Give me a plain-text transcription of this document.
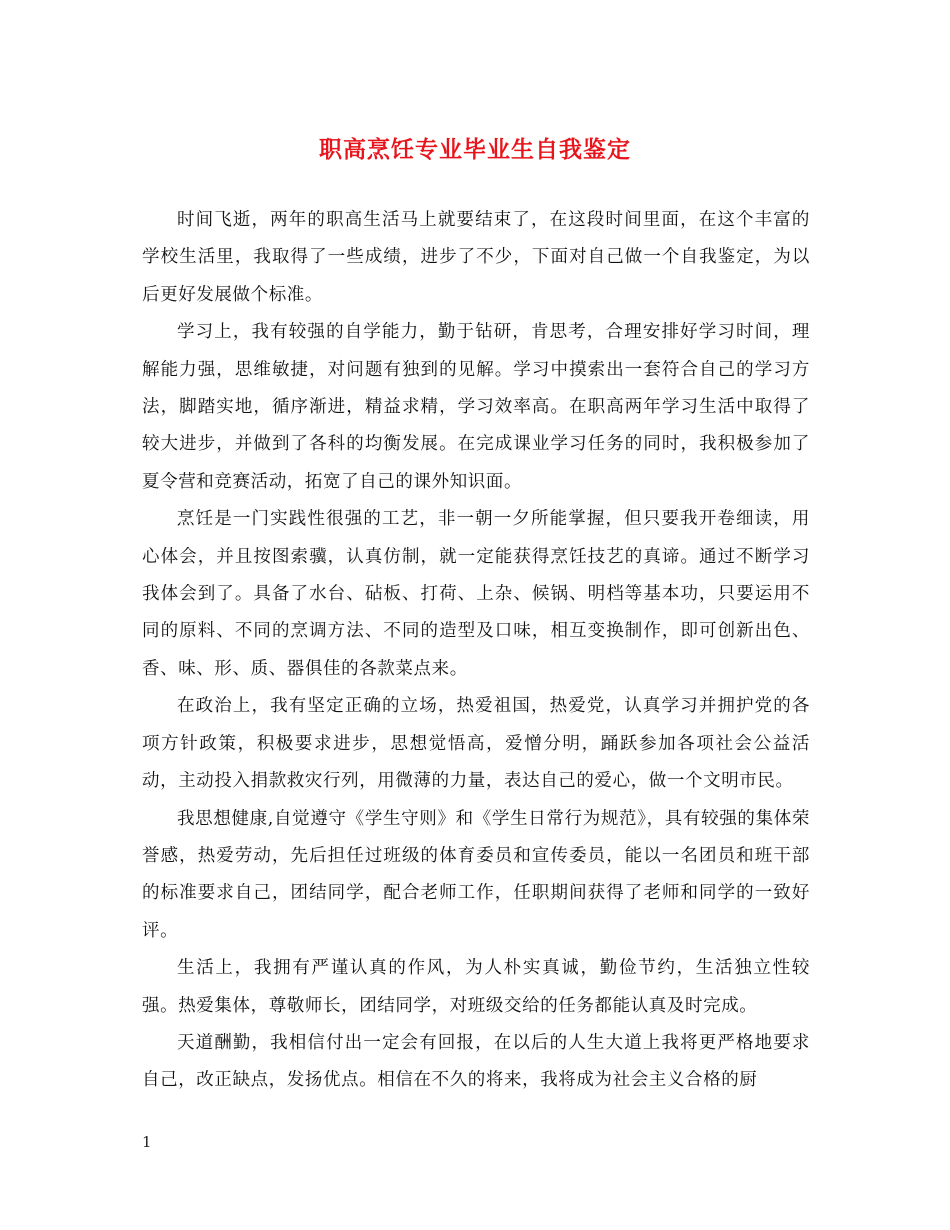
职高烹饪专业毕业生自我鉴定

时间飞逝，两年的职高生活马上就要结束了，在这段时间里面，在这个丰富的学校生活里，我取得了一些成绩，进步了不少，下面对自己做一个自我鉴定，为以后更好发展做个标准。

学习上，我有较强的自学能力，勤于钻研，肯思考，合理安排好学习时间，理解能力强，思维敏捷，对问题有独到的见解。学习中摸索出一套符合自己的学习方法，脚踏实地，循序渐进，精益求精，学习效率高。在职高两年学习生活中取得了较大进步，并做到了各科的均衡发展。在完成课业学习任务的同时，我积极参加了夏令营和竞赛活动，拓宽了自己的课外知识面。

烹饪是一门实践性很强的工艺，非一朝一夕所能掌握，但只要我开卷细读，用心体会，并且按图索骥，认真仿制，就一定能获得烹饪技艺的真谛。通过不断学习我体会到了。具备了水台、砧板、打荷、上杂、候锅、明档等基本功，只要运用不同的原料、不同的烹调方法、不同的造型及口味，相互变换制作，即可创新出色、香、味、形、质、器俱佳的各款菜点来。

在政治上，我有坚定正确的立场，热爱祖国，热爱党，认真学习并拥护党的各项方针政策，积极要求进步，思想觉悟高，爱憎分明，踊跃参加各项社会公益活动，主动投入捐款救灾行列，用微薄的力量，表达自己的爱心，做一个文明市民。

我思想健康,自觉遵守《学生守则》和《学生日常行为规范》，具有较强的集体荣誉感，热爱劳动，先后担任过班级的体育委员和宣传委员，能以一名团员和班干部的标准要求自己，团结同学，配合老师工作，任职期间获得了老师和同学的一致好评。

生活上，我拥有严谨认真的作风，为人朴实真诚，勤俭节约，生活独立性较强。热爱集体，尊敬师长，团结同学，对班级交给的任务都能认真及时完成。

天道酬勤，我相信付出一定会有回报，在以后的人生大道上我将更严格地要求自己，改正缺点，发扬优点。相信在不久的将来，我将成为社会主义合格的厨

1
